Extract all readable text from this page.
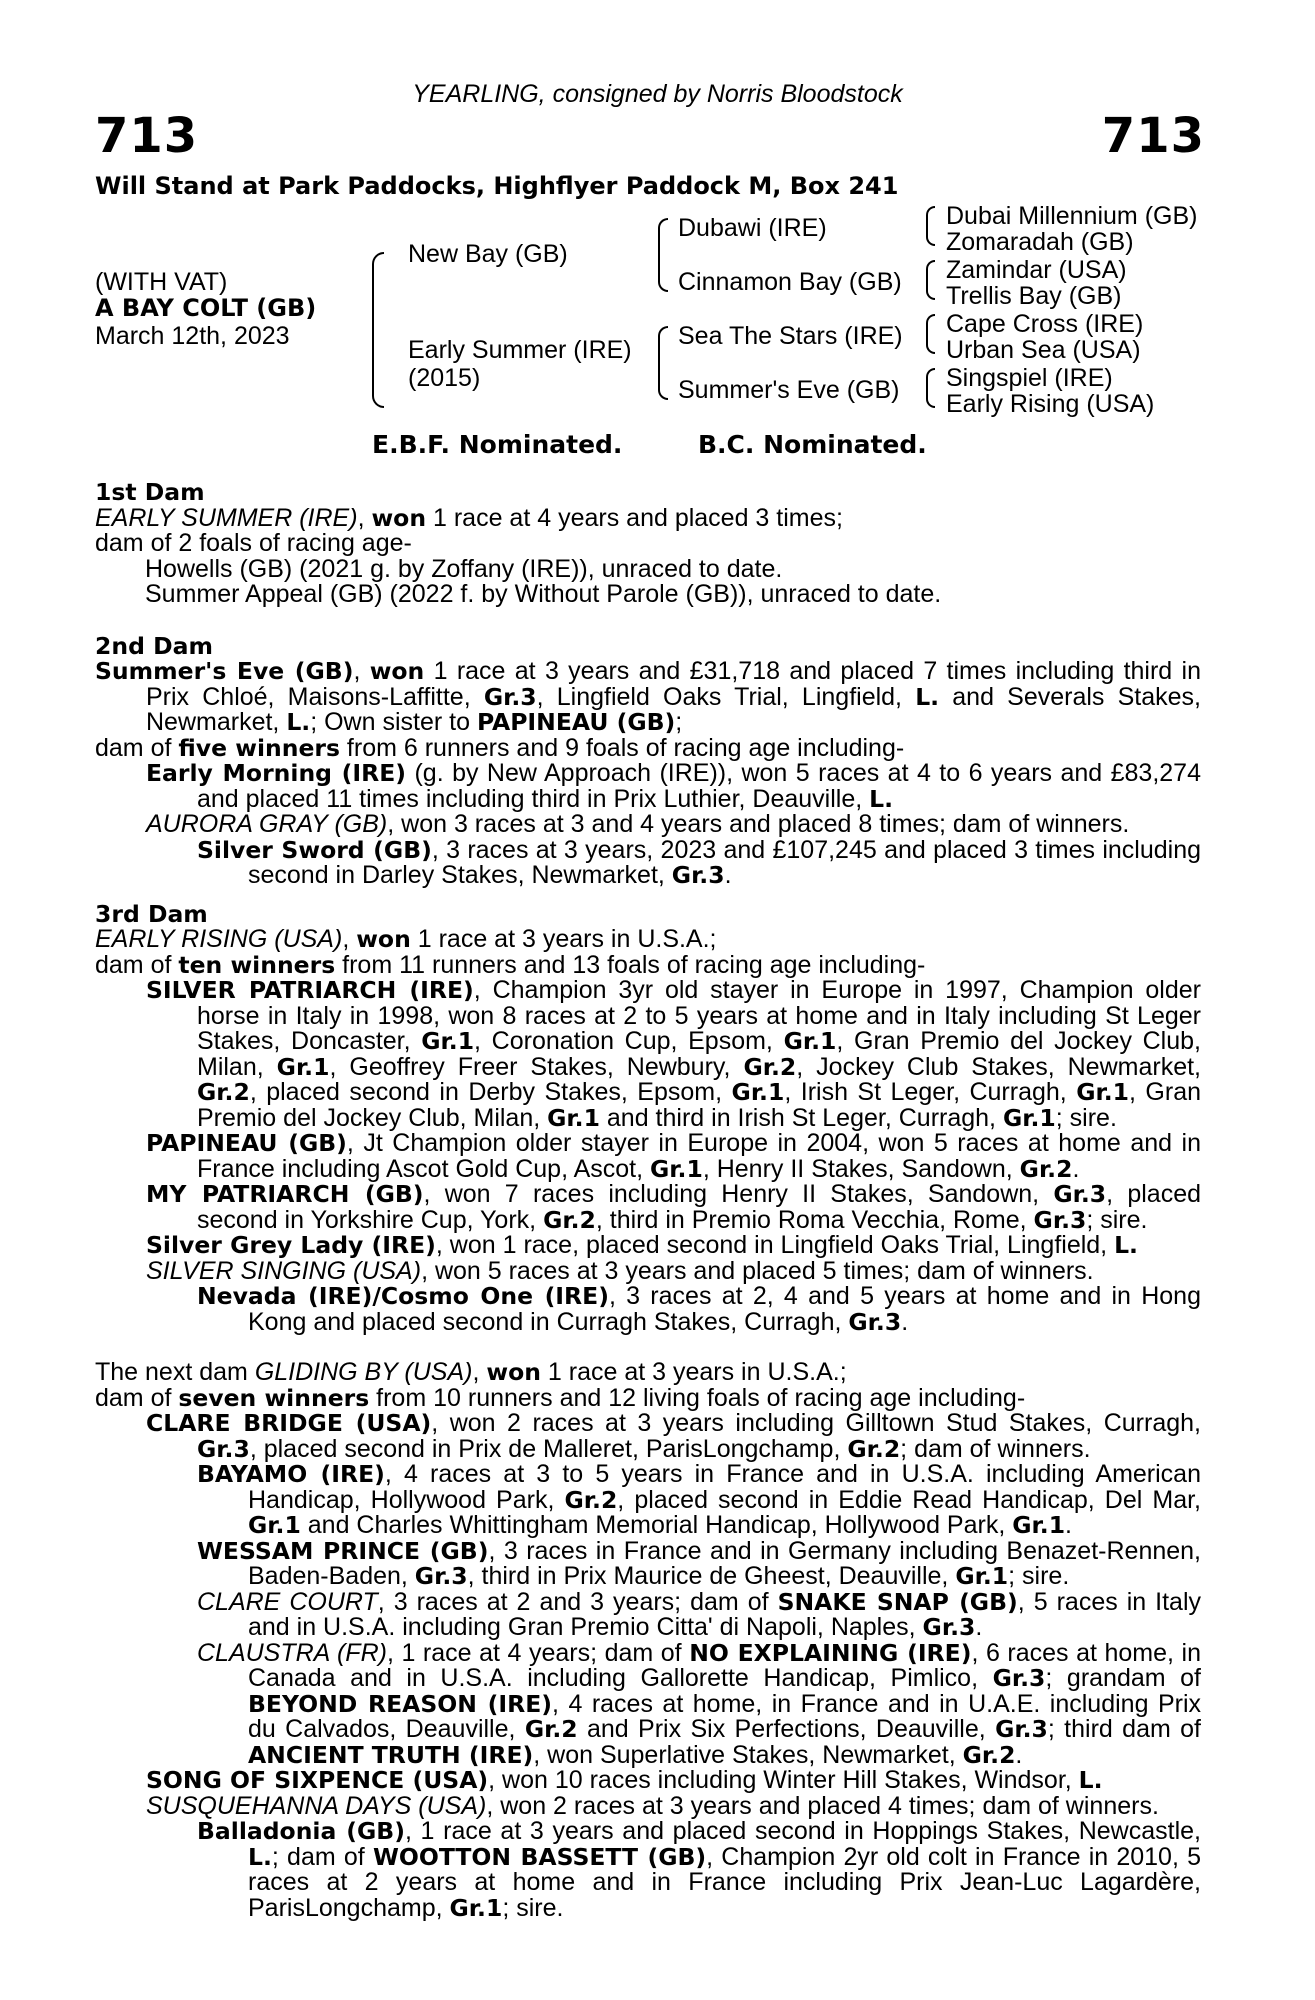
YEARLING, consigned by Norris Bloodstock
713	713
Will Stand at Park Paddocks, Highflyer Paddock M, Box 241
(WITH VAT)
A BAY COLT (GB)
March 12th, 2023
New Bay (GB)
Early Summer (IRE)
(2015)
Dubawi (IRE)
Cinnamon Bay (GB)
Sea The Stars (IRE)
Summer's Eve (GB)
Dubai Millennium (GB)
Zomaradah (GB)
Zamindar (USA)
Trellis Bay (GB)
Cape Cross (IRE)
Urban Sea (USA)
Singspiel (IRE)
Early Rising (USA)
E.B.F. Nominated.	B.C. Nominated.
1st Dam
EARLY SUMMER (IRE), won 1 race at 4 years and placed 3 times;
dam of 2 foals of racing age-
Howells (GB) (2021 g. by Zoffany (IRE)), unraced to date.
Summer Appeal (GB) (2022 f. by Without Parole (GB)), unraced to date.
2nd Dam
Summer's Eve (GB), won 1 race at 3 years and £31,718 and placed 7 times including third in Prix Chloé, Maisons-Laffitte, Gr.3, Lingfield Oaks Trial, Lingfield, L. and Severals Stakes, Newmarket, L.; Own sister to PAPINEAU (GB);
dam of five winners from 6 runners and 9 foals of racing age including-
Early Morning (IRE) (g. by New Approach (IRE)), won 5 races at 4 to 6 years and £83,274 and placed 11 times including third in Prix Luthier, Deauville, L.
AURORA GRAY (GB), won 3 races at 3 and 4 years and placed 8 times; dam of winners.
Silver Sword (GB), 3 races at 3 years, 2023 and £107,245 and placed 3 times including second in Darley Stakes, Newmarket, Gr.3.
3rd Dam
EARLY RISING (USA), won 1 race at 3 years in U.S.A.;
dam of ten winners from 11 runners and 13 foals of racing age including-
SILVER PATRIARCH (IRE), Champion 3yr old stayer in Europe in 1997, Champion older horse in Italy in 1998, won 8 races at 2 to 5 years at home and in Italy including St Leger Stakes, Doncaster, Gr.1, Coronation Cup, Epsom, Gr.1, Gran Premio del Jockey Club, Milan, Gr.1, Geoffrey Freer Stakes, Newbury, Gr.2, Jockey Club Stakes, Newmarket, Gr.2, placed second in Derby Stakes, Epsom, Gr.1, Irish St Leger, Curragh, Gr.1, Gran Premio del Jockey Club, Milan, Gr.1 and third in Irish St Leger, Curragh, Gr.1; sire.
PAPINEAU (GB), Jt Champion older stayer in Europe in 2004, won 5 races at home and in France including Ascot Gold Cup, Ascot, Gr.1, Henry II Stakes, Sandown, Gr.2.
MY PATRIARCH (GB), won 7 races including Henry II Stakes, Sandown, Gr.3, placed second in Yorkshire Cup, York, Gr.2, third in Premio Roma Vecchia, Rome, Gr.3; sire.
Silver Grey Lady (IRE), won 1 race, placed second in Lingfield Oaks Trial, Lingfield, L.
SILVER SINGING (USA), won 5 races at 3 years and placed 5 times; dam of winners.
Nevada (IRE)/Cosmo One (IRE), 3 races at 2, 4 and 5 years at home and in Hong Kong and placed second in Curragh Stakes, Curragh, Gr.3.
The next dam GLIDING BY (USA), won 1 race at 3 years in U.S.A.;
dam of seven winners from 10 runners and 12 living foals of racing age including-
CLARE BRIDGE (USA), won 2 races at 3 years including Gilltown Stud Stakes, Curragh, Gr.3, placed second in Prix de Malleret, ParisLongchamp, Gr.2; dam of winners.
BAYAMO (IRE), 4 races at 3 to 5 years in France and in U.S.A. including American Handicap, Hollywood Park, Gr.2, placed second in Eddie Read Handicap, Del Mar, Gr.1 and Charles Whittingham Memorial Handicap, Hollywood Park, Gr.1.
WESSAM PRINCE (GB), 3 races in France and in Germany including Benazet-Rennen, Baden-Baden, Gr.3, third in Prix Maurice de Gheest, Deauville, Gr.1; sire.
CLARE COURT, 3 races at 2 and 3 years; dam of SNAKE SNAP (GB), 5 races in Italy and in U.S.A. including Gran Premio Citta' di Napoli, Naples, Gr.3.
CLAUSTRA (FR), 1 race at 4 years; dam of NO EXPLAINING (IRE), 6 races at home, in Canada and in U.S.A. including Gallorette Handicap, Pimlico, Gr.3; grandam of BEYOND REASON (IRE), 4 races at home, in France and in U.A.E. including Prix du Calvados, Deauville, Gr.2 and Prix Six Perfections, Deauville, Gr.3; third dam of ANCIENT TRUTH (IRE), won Superlative Stakes, Newmarket, Gr.2.
SONG OF SIXPENCE (USA), won 10 races including Winter Hill Stakes, Windsor, L.
SUSQUEHANNA DAYS (USA), won 2 races at 3 years and placed 4 times; dam of winners.
Balladonia (GB), 1 race at 3 years and placed second in Hoppings Stakes, Newcastle, L.; dam of WOOTTON BASSETT (GB), Champion 2yr old colt in France in 2010, 5 races at 2 years at home and in France including Prix Jean-Luc Lagardère, ParisLongchamp, Gr.1; sire.
